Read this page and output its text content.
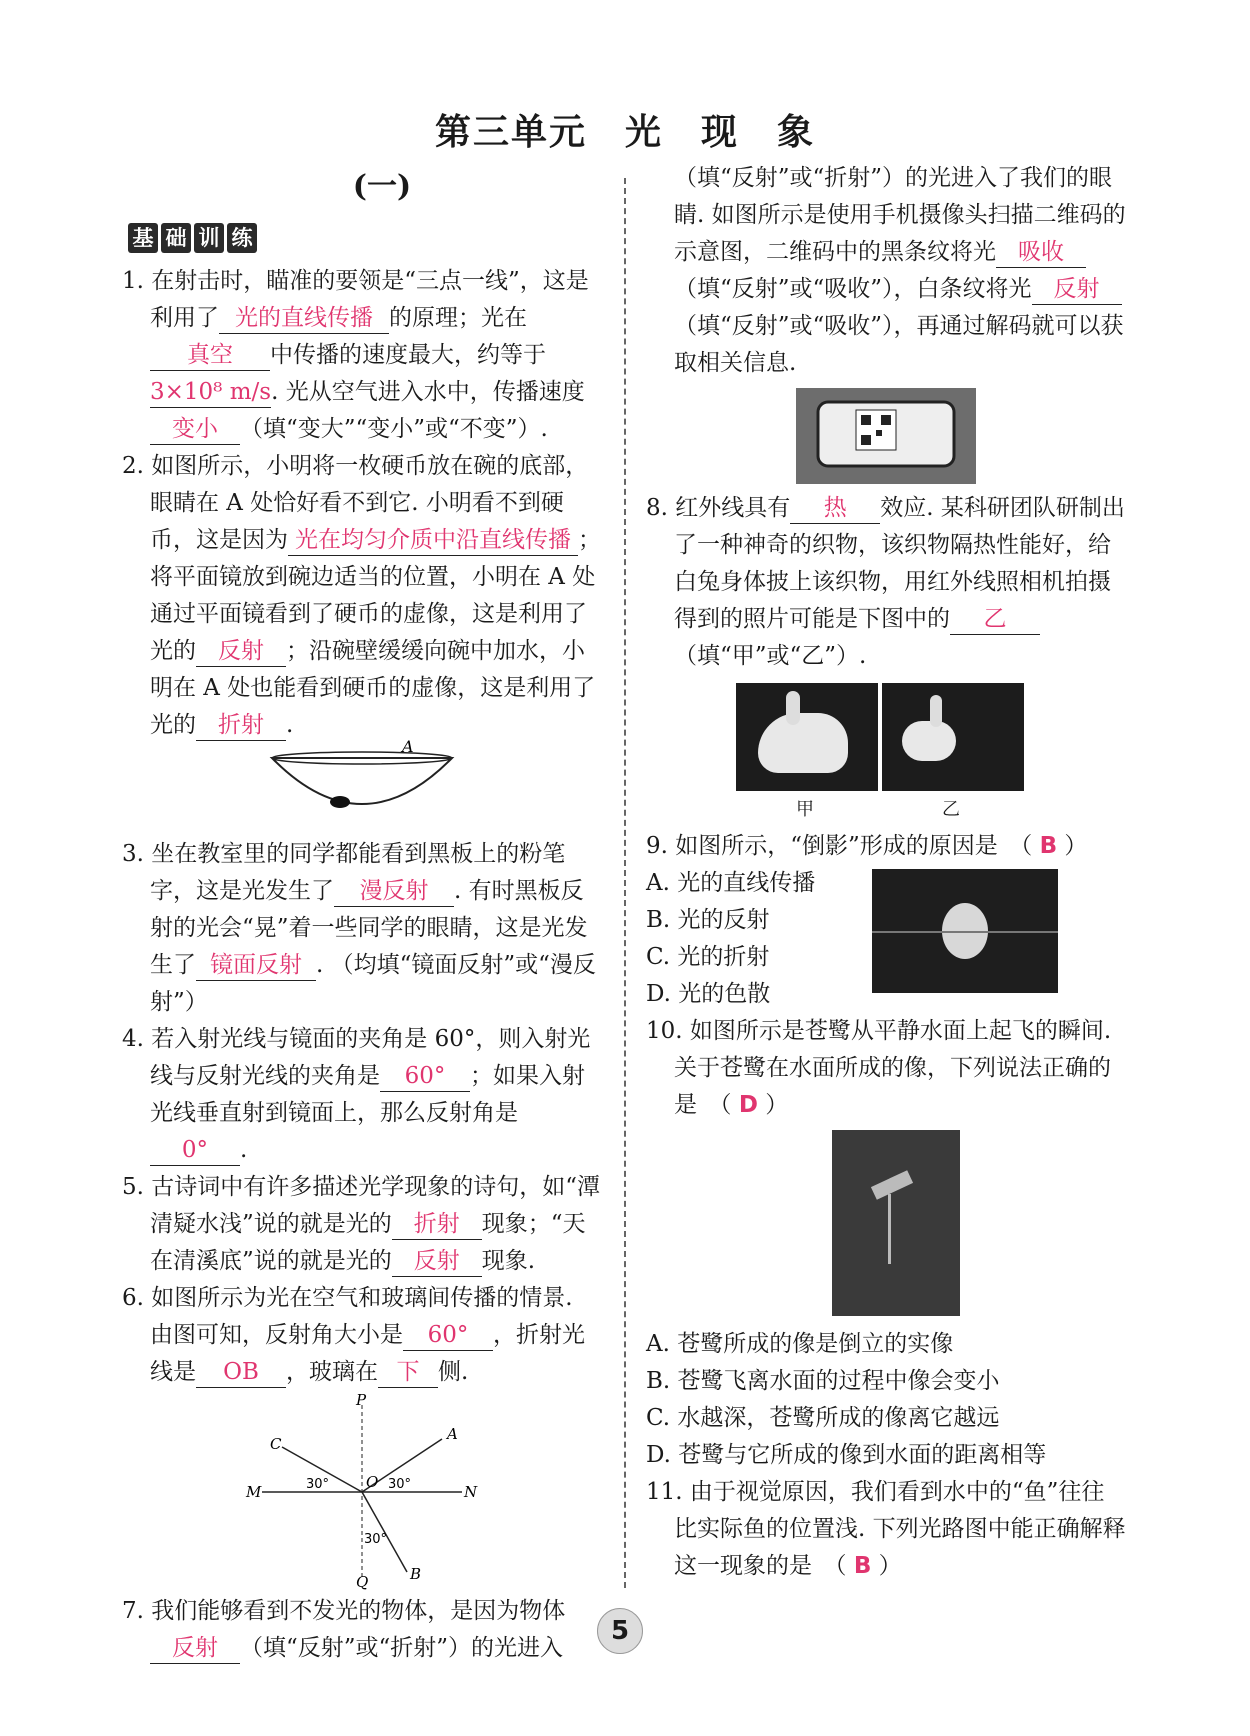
第三单元　光　现　象
(一)
基 础 训 练
1. 在射击时，瞄准的要领是“三点一线”，这是利用了 光的直线传播 的原理；光在真空 中传播的速度最大，约等于3×10⁸ m/s. 光从空气进入水中，传播速度变小 （填“变大”“变小”或“不变”）.
2. 如图所示，小明将一枚硬币放在碗的底部，眼睛在 A 处恰好看不到它. 小明看不到硬币，这是因为 光在均匀介质中沿直线传播 ；将平面镜放到碗边适当的位置，小明在 A 处通过平面镜看到了硬币的虚像，这是利用了光的 反射 ；沿碗壁缓缓向碗中加水，小明在 A 处也能看到硬币的虚像，这是利用了光的 折射 .
A
3. 坐在教室里的同学都能看到黑板上的粉笔字，这是光发生了 漫反射 . 有时黑板反射的光会“晃”着一些同学的眼睛，这是光发生了 镜面反射 . （均填“镜面反射”或“漫反射”）
4. 若入射光线与镜面的夹角是 60°，则入射光线与反射光线的夹角是 60° ；如果入射光线垂直射到镜面上，那么反射角是0° .
5. 古诗词中有许多描述光学现象的诗句，如“潭清疑水浅”说的就是光的 折射 现象；“天在清溪底”说的就是光的 反射 现象.
6. 如图所示为光在空气和玻璃间传播的情景. 由图可知，反射角大小是 60° ，折射光线是 OB ，玻璃在 下 侧.
P
Q
M	N
A
B
C
O
30°	30°
30°
7. 我们能够看到不发光的物体，是因为物体反射 （填“反射”或“折射”）的光进入
（填“反射”或“折射”）的光进入了我们的眼睛. 如图所示是使用手机摄像头扫描二维码的示意图，二维码中的黑条纹将光 吸收（填“反射”或“吸收”），白条纹将光 反射（填“反射”或“吸收”），再通过解码就可以获取相关信息.
8. 红外线具有 热 效应. 某科研团队研制出了一种神奇的织物，该织物隔热性能好，给白兔身体披上该织物，用红外线照相机拍摄得到的照片可能是下图中的 乙（填“甲”或“乙”）.
甲	乙
9. 如图所示，“倒影”形成的原因是　（ B ）
A. 光的直线传播
B. 光的反射
C. 光的折射
D. 光的色散
10. 如图所示是苍鹭从平静水面上起飞的瞬间. 关于苍鹭在水面所成的像，下列说法正确的是　（ D ）
A. 苍鹭所成的像是倒立的实像
B. 苍鹭飞离水面的过程中像会变小
C. 水越深，苍鹭所成的像离它越远
D. 苍鹭与它所成的像到水面的距离相等
11. 由于视觉原因，我们看到水中的“鱼”往往比实际鱼的位置浅. 下列光路图中能正确解释这一现象的是　（ B ）
5
